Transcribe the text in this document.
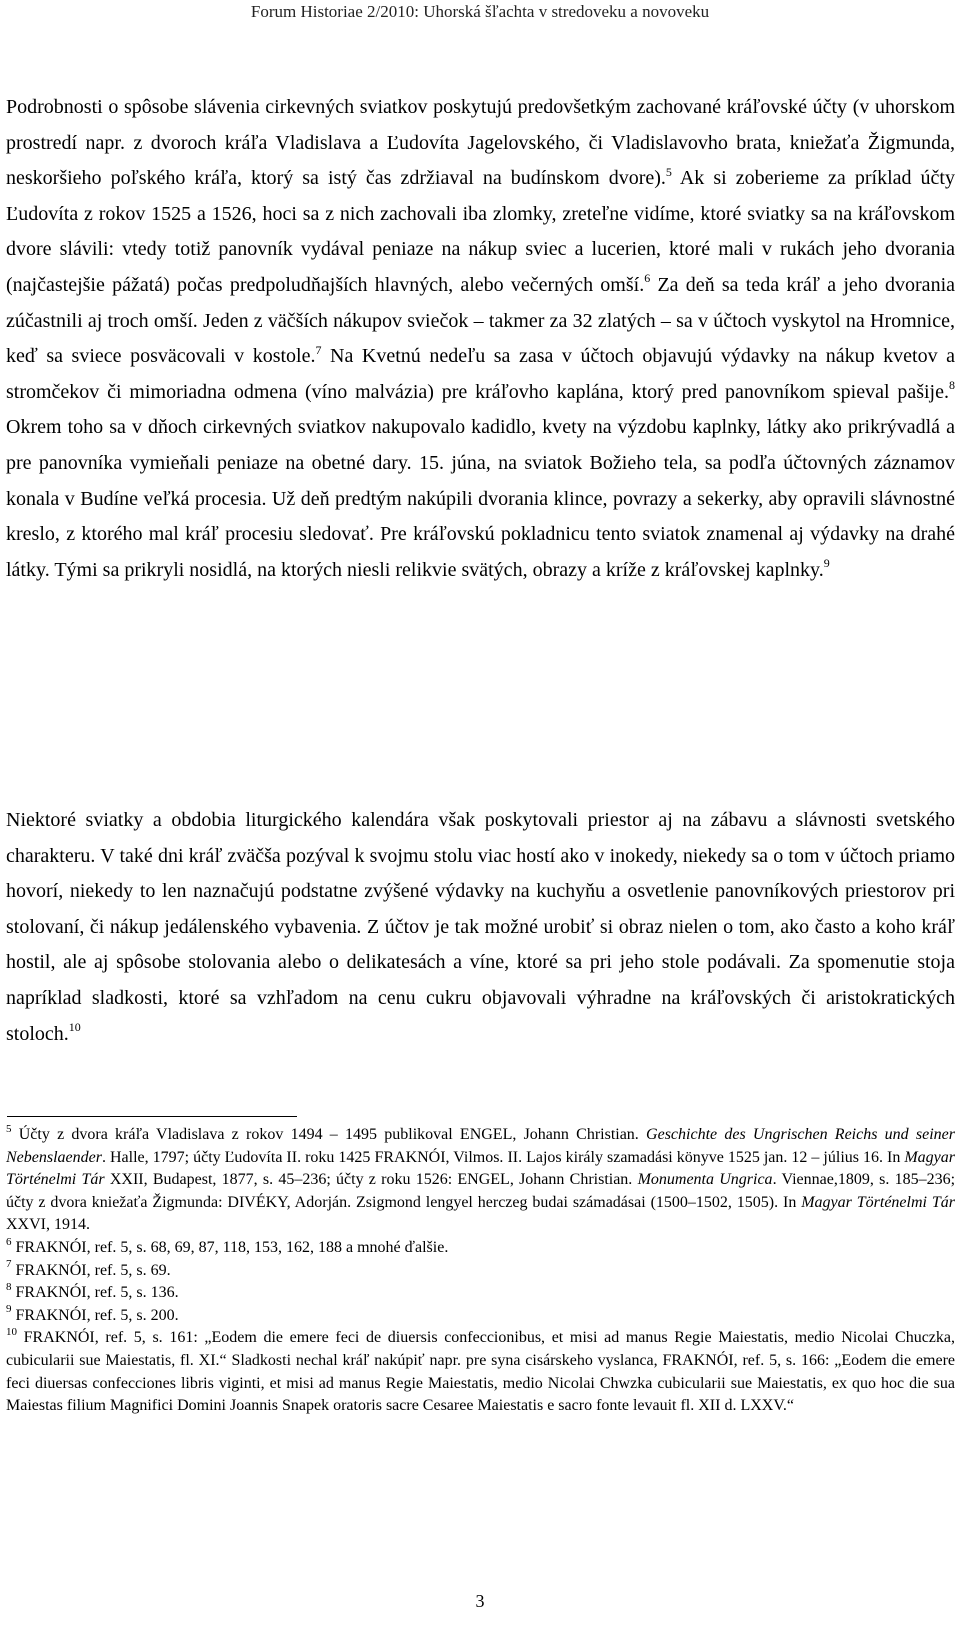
Forum Historiae 2/2010: Uhorská šľachta v stredoveku a novoveku

Podrobnosti o spôsobe slávenia cirkevných sviatkov poskytujú predovšetkým zachované kráľovské účty (v uhorskom prostredí napr. z dvoroch kráľa Vladislava a Ľudovíta Jagelovského, či Vladislavovho brata, kniežaťa Žigmunda, neskoršieho poľského kráľa, ktorý sa istý čas zdržiaval na budínskom dvore).$^5$ Ak si zoberieme za príklad účty Ľudovíta z rokov 1525 a 1526, hoci sa z nich zachovali iba zlomky, zreteľne vidíme, ktoré sviatky sa na kráľovskom dvore slávili: vtedy totiž panovník vydával peniaze na nákup sviec a lucerien, ktoré mali v rukách jeho dvorania (najčastejšie pážatá) počas predpoludňajších hlavných, alebo večerných omší.$^6$ Za deň sa teda kráľ a jeho dvorania zúčastnili aj troch omší. Jeden z väčších nákupov sviečok – takmer za 32 zlatých – sa v účtoch vyskytol na Hromnice, keď sa sviece posväcovali v kostole.$^7$ Na Kvetnú nedeľu sa zasa v účtoch objavujú výdavky na nákup kvetov a stromčekov či mimoriadna odmena (víno malvázia) pre kráľovho kaplána, ktorý pred panovníkom spieval pašije.$^8$ Okrem toho sa v dňoch cirkevných sviatkov nakupovalo kadidlo, kvety na výzdobu kaplnky, látky ako prikrývadlá a pre panovníka vymieňali peniaze na obetné dary. 15. júna, na sviatok Božieho tela, sa podľa účtovných záznamov konala v Budíne veľká procesia. Už deň predtým nakúpili dvorania klince, povrazy a sekerky, aby opravili slávnostné kreslo, z ktorého mal kráľ procesiu sledovať. Pre kráľovskú pokladnicu tento sviatok znamenal aj výdavky na drahé látky. Tými sa prikryli nosidlá, na ktorých niesli relikvie svätých, obrazy a kríže z kráľovskej kaplnky.$^9$

Niektoré sviatky a obdobia liturgického kalendára však poskytovali priestor aj na zábavu a slávnosti svetského charakteru. V také dni kráľ zväčša pozýval k svojmu stolu viac hostí ako v inokedy, niekedy sa o tom v účtoch priamo hovorí, niekedy to len naznačujú podstatne zvýšené výdavky na kuchyňu a osvetlenie panovníkových priestorov pri stolovaní, či nákup jedálenského vybavenia. Z účtov je tak možné urobiť si obraz nielen o tom, ako často a koho kráľ hostil, ale aj spôsobe stolovania alebo o delikatesách a víne, ktoré sa pri jeho stole podávali. Za spomenutie stoja napríklad sladkosti, ktoré sa vzhľadom na cenu cukru objavovali výhradne na kráľovských či aristokratických stoloch.$^{10}$

$^5$ Účty z dvora kráľa Vladislava z rokov 1494 – 1495 publikoval ENGEL, Johann Christian. Geschichte des Ungrischen Reichs und seiner Nebenslaender. Halle, 1797; účty Ľudovíta II. roku 1425 FRAKNÓI, Vilmos. II. Lajos király szamadási könyve 1525 jan. 12 – július 16. In Magyar Történelmi Tár XXII, Budapest, 1877, s. 45–236; účty z roku 1526: ENGEL, Johann Christian. Monumenta Ungrica. Viennae,1809, s. 185–236; účty z dvora kniežaťa Žigmunda: DIVÉKY, Adorján. Zsigmond lengyel herczeg budai számadásai (1500–1502, 1505). In Magyar Történelmi Tár XXVI, 1914.

$^6$ FRAKNÓI, ref. 5, s. 68, 69, 87, 118, 153, 162, 188 a mnohé ďalšie.

$^7$ FRAKNÓI, ref. 5, s. 69.

$^8$ FRAKNÓI, ref. 5, s. 136.

$^9$ FRAKNÓI, ref. 5, s. 200.

$^{10}$ FRAKNÓI, ref. 5, s. 161: „Eodem die emere feci de diuersis confeccionibus, et misi ad manus Regie Maiestatis, medio Nicolai Chuczka, cubicularii sue Maiestatis, fl. XI.“ Sladkosti nechal kráľ nakúpiť napr. pre syna cisárskeho vyslanca, FRAKNÓI, ref. 5, s. 166: „Eodem die emere feci diuersas confecciones libris viginti, et misi ad manus Regie Maiestatis, medio Nicolai Chwzka cubicularii sue Maiestatis, ex quo hoc die sua Maiestas filium Magnifici Domini Joannis Snapek oratoris sacre Cesaree Maiestatis e sacro fonte levauit fl. XII d. LXXV.“

3
